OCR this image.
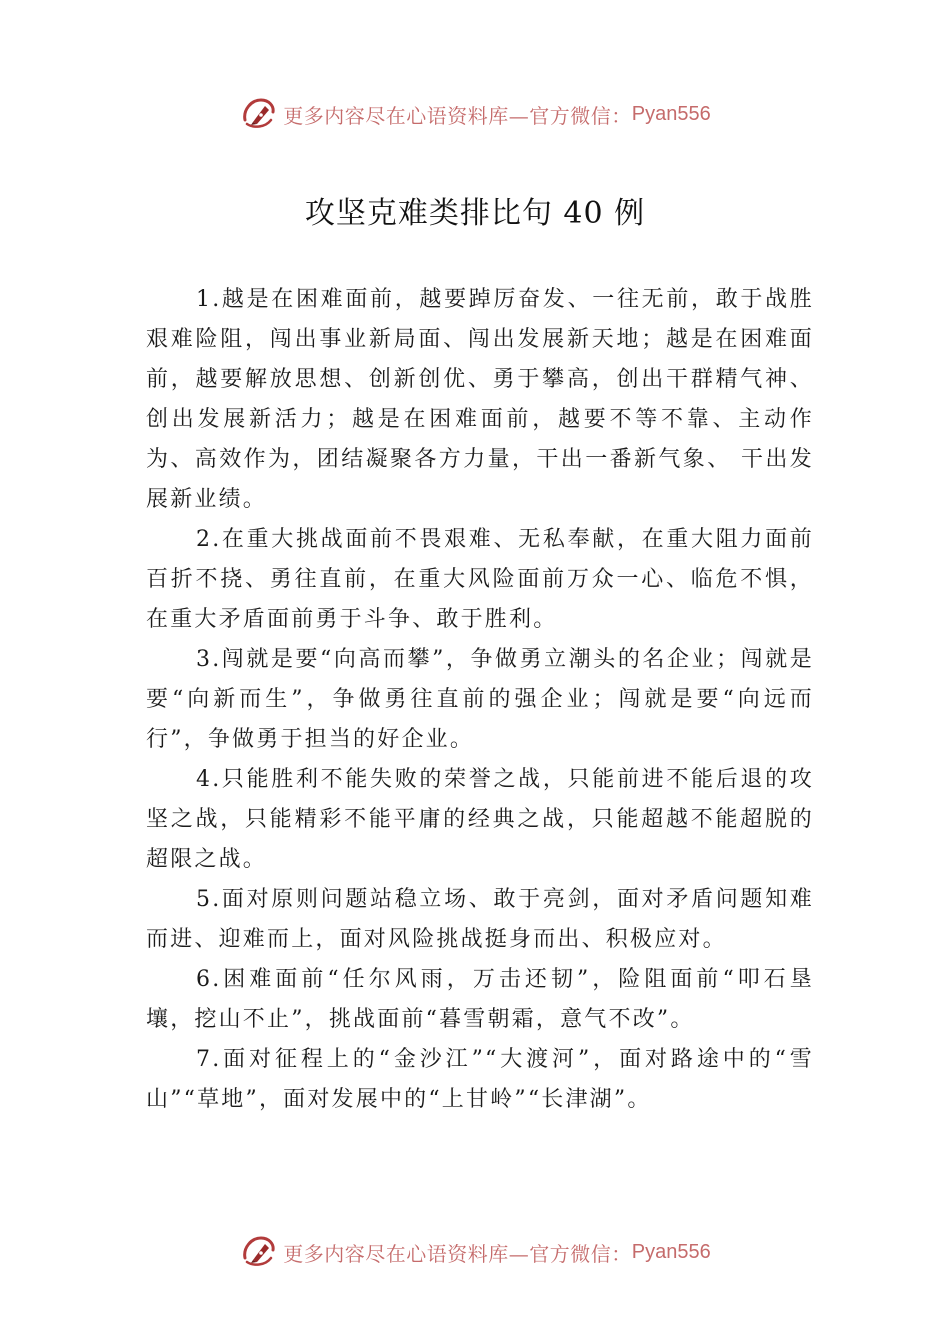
更多内容尽在心语资料库—官方微信： Pyan556
攻坚克难类排比句 40 例

1.越是在困难面前，越要踔厉奋发、一往无前，敢于战胜艰难险阻，闯出事业新局面、闯出发展新天地；越是在困难面前，越要解放思想、创新创优、勇于攀高，创出干群精气神、创出发展新活力；越是在困难面前，越要不等不靠、主动作为、高效作为，团结凝聚各方力量，干出一番新气象、 干出发展新业绩。

2.在重大挑战面前不畏艰难、无私奉献，在重大阻力面前百折不挠、勇往直前，在重大风险面前万众一心、临危不惧，在重大矛盾面前勇于斗争、敢于胜利。

3.闯就是要“向高而攀”，争做勇立潮头的名企业；闯就是要“向新而生”，争做勇往直前的强企业；闯就是要“向远而行”，争做勇于担当的好企业。

4.只能胜利不能失败的荣誉之战，只能前进不能后退的攻坚之战，只能精彩不能平庸的经典之战，只能超越不能超脱的超限之战。

5.面对原则问题站稳立场、敢于亮剑，面对矛盾问题知难而进、迎难而上，面对风险挑战挺身而出、积极应对。

6.困难面前“任尔风雨，万击还韧”，险阻面前“叩石垦壤，挖山不止”，挑战面前“暮雪朝霜，意气不改”。

7.面对征程上的“金沙江”“大渡河”，面对路途中的“雪山”“草地”，面对发展中的“上甘岭”“长津湖”。

更多内容尽在心语资料库—官方微信： Pyan556
